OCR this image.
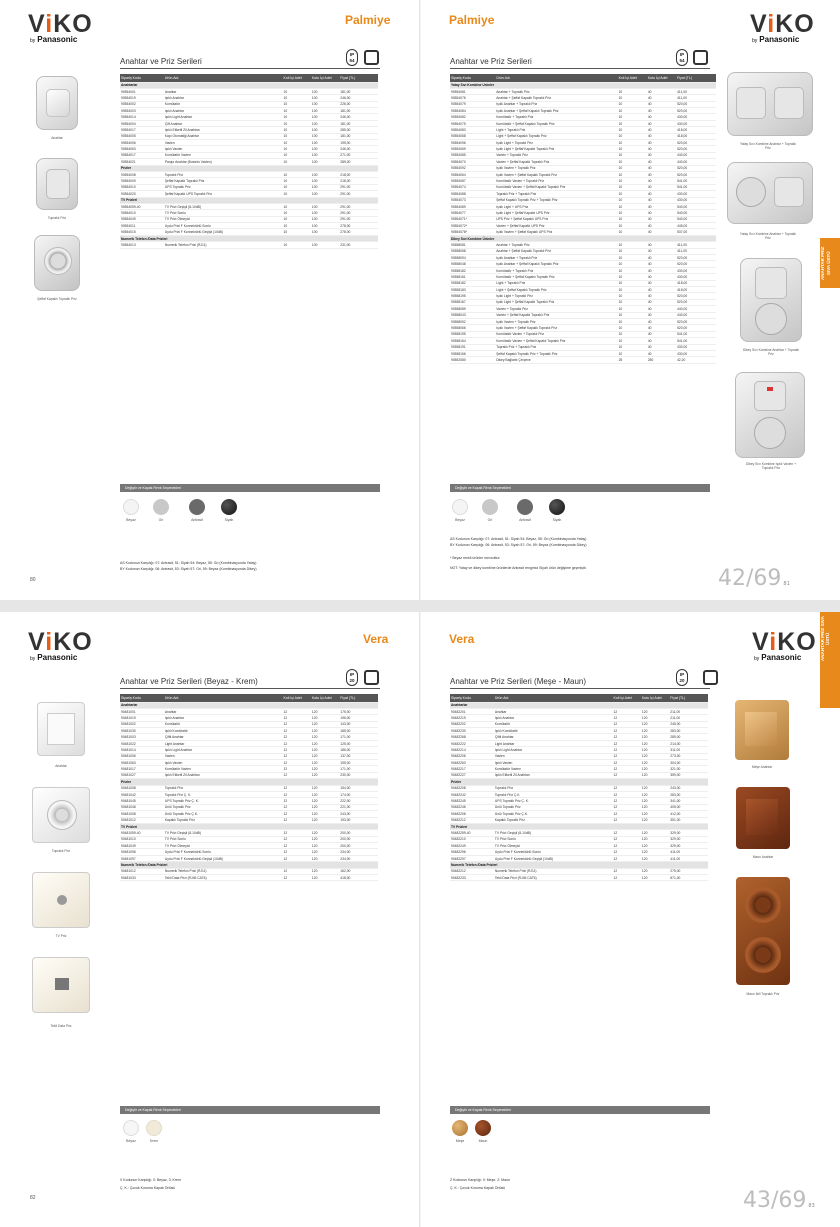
ViKO
by Panasonic
Palmiye
Anahtar ve Priz Serileri
IP
54
Sipariş Kodu	Ürün Adı	Koli İçi Adet	Kutu İçi Adet	Fiyat (TL)
Anahtarlar				
90554001	Anahtar	10	100	181,00
90554019	Işıklı Anahtar	10	100	246,00
90554002	Komütatör	10	100	226,00
90554003	Işıklı Anahtar	10	100	181,00
90554014	Işıklı Light Anahtar	10	100	246,00
90554004	Çift Anahtar	10	100	181,00
90554017	Işıklı Etiketli Zil Anahtarı	10	100	285,00
90554005	Kapı Otomatiği Anahtar	10	100	181,00
90554006	Vavien	10	100	195,00
90554063	Işıklı Vavien	10	100	246,00
90554017	Komütatör Vavien	10	100	271,00
90554021	Panjur Anahtar (Butonlu Vavien)	10	100	289,00
Prizler				
90554008	Topraklı Priz	10	100	218,00
90554009	Şeffaf Kapaklı Topraklı Priz	10	100	218,00
90554010	UPS Topraklı Priz	10	100	291,00
90554020	Şeffaf Kapaklı UPS Topraklı Priz	10	100	291,00
TV Prizleri				
90554059-40	TV Prizi Geçişli (8-10dB)	10	100	291,00
90554010	TV Prizi Sonlu	10	100	291,00
90554049	TV Prizi Ölmeyici	10	100	291,00
90554011	Uydu Prizi F Konnektörlü Sonlu	10	100	278,00
90554015	Uydu Prizi F Konnektörlü Geçişli (10dB)	10	100	278,00
Numerik Telefon /Data Prizleri				
90554013	Numerik Telefon Prizi (RJ11)	10	100	231,00
Anahtar
Topraklı Priz
Şeffaf Kapaklı Topraklı Priz
Değiştir ve Kapak Renk Seçenekleri
Beyaz	Gri	Antrasit	Siyah
AS Kodunun Karşılığı: 07: Antrasit, 51: Siyah 54: Beyaz, 55: Gri (Kombinasyonda Yatay)
BY Kodunun Karşılığı: 06: Antrasit, 53: Siyah 57: Gri, 59: Beyaz (Kombinasyonda Dikey)
80
Palmiye	ViKO
by Panasonic
Anahtar ve Priz Serileri
IP
54
Sipariş Kodu	Ürün Adı	Koli İçi Adet	Kutu İçi Adet	Fiyat (TL)
Yatay Sıvı Kombine Ürünler				
90554081	Anahtar + Topraklı Priz	10	40	411,00
90554076	Anahtar + Şeffaf Kapaklı Topraklı Priz	10	40	411,00
90554079	Işıklı Anahtar + Topraklı Priz	10	40	520,00
90554084	Işıklı Anahtar + Şeffaf Kapaklı Topraklı Priz	10	40	520,00
90554082	Komütatör + Topraklı Priz	10	40	430,00
90554075	Komütatör + Şeffaf Kapaklı Topraklı Priz	10	40	430,00
90554083	Light + Topraklı Priz	10	40	418,00
90554068	Light + Şeffaf Kapaklı Topraklı Priz	10	40	418,00
90554096	Işıklı Light + Topraklı Priz	10	40	520,00
90554069	Işıklı Light + Şeffaf Kapaklı Topraklı Priz	10	40	520,00
90554085	Vavien + Topraklı Priz	10	40	440,00
90554070	Vavien + Şeffaf Kapaklı Topraklı Priz	10	40	440,00
90554092	Işıklı Vavien + Topraklı Priz	10	40	520,00
90554064	Işıklı Vavien + Şeffaf Kapaklı Topraklı Priz	10	40	520,00
90554087	Komütatör Vavien + Topraklı Priz	10	40	541,00
90554074	Komütatör Vavien + Şeffaf Kapaklı Topraklı Priz	10	40	541,00
90554088	Topraklı Priz + Topraklı Priz	10	40	430,00
90554073	Şeffaf Kapaklı Topraklı Priz + Topraklı Priz	10	40	430,00
90554089	Işıklı Light + UPS Priz	10	40	540,00
90554077	Işıklı Light + Şeffaf Kapaklı UPS Priz	10	40	540,00
90554071*	UPS Priz + Şeffaf Kapaklı UPS Priz	10	40	540,00
90554072*	Vavien + Şeffaf Kapaklı UPS Priz	10	40	445,00
90554078*	Işıklı Vavien + Şeffaf Kapaklı UPS Priz	10	40	537,00
Dikey Sıvı Kombine Ürünler				
90558081	Anahtar + Topraklı Priz	10	40	411,00
90558068	Anahtar + Şeffaf Kapaklı Topraklı Priz	10	40	411,00
90558094	Işıklı Anahtar + Topraklı Priz	10	40	520,00
90558048	Işıklı Anahtar + Şeffaf Kapaklı Topraklı Priz	10	40	520,00
90558182	Komütatör + Topraklı Priz	10	40	430,00
90558161	Komütatör + Şeffaf Kapaklı Topraklı Priz	10	40	430,00
90558182	Light + Topraklı Priz	10	40	418,00
90558183	Light + Şeffaf Kapaklı Topraklı Priz	10	40	418,00
90558195	Işıklı Light + Topraklı Priz	10	40	520,00
90558167	Işıklı Light + Şeffaf Kapaklı Topraklı Priz	10	40	520,00
90558089	Vavien + Topraklı Priz	10	40	440,00
90558043	Vavien + Şeffaf Kapaklı Topraklı Priz	10	40	440,00
90558092	Işıklı Vavien + Topraklı Priz	10	40	520,00
90558066	Işıklı Vavien + Şeffaf Kapaklı Topraklı Priz	10	40	520,00
90558195	Komütatör Vavien + Topraklı Priz	10	40	541,00
90558164	Komütatör Vavien + Şeffaf Kapaklı Topraklı Priz	10	40	541,00
90558191	Topraklı Priz + Topraklı Priz	10	40	430,00
90558166	Şeffaf Kapaklı Topraklı Priz + Topraklı Priz	10	40	430,00
90552080	Dikey Bağlantı Çerçeve	25	250	42,20
Yatay Sıvı Kombine Anahtar + Topraklı Priz
Yatay Sıvı Kombine Anahtar + Topraklı Priz
Dikey Sıvı Kombine Anahtar + Topraklı Priz
Dikey Sıvı Kombine Işıklı Vavien + Topraklı Priz
Değiştir ve Kapak Renk Seçenekleri
Beyaz	Gri	Antrasit	Siyah
AS Kodunun Karşılığı: 07: Antrasit, 51: Siyah 54: Beyaz, 55: Gri (Kombinasyonda Yatay)
BY Kodunun Karşılığı: 06: Antrasit, 53: Siyah 57: Gri, 59: Beyaz (Kombinasyonda Dikey)
* Beyaz renkli ürünler mevcuttur.
NOT: Yatay ve dikey kombine ürünlerde Antrasit rengimiz Siyah ürün değişime geçmiştir.	42/69 81
ANAHTAR PRİZ SIVA ÜSTÜ
ViKO
by Panasonic
Vera
Anahtar ve Priz Serileri (Beyaz - Krem)
IP
20
Sipariş Kodu	Ürün Adı	Koli İçi Adet	Kutu İçi Adet	Fiyat (TL)
Anahtarlar				
90481001	Anahtar	12	120	175,00
90481019	Işıklı Anahtar	12	120	196,00
90481002	Komütatör	12	120	143,00
90481030	Işıklı Komütatör	12	120	185,00
90481003	Çiftli Anahtar	12	120	171,00
90481022	Light Anahtar	12	120	125,00
90481014	Işıklı Light Anahtar	12	120	186,00
90481006	Vavien	12	120	137,00
90481063	Işıklı Vavien	12	120	195,00
90481017	Komütatör Vavien	12	120	171,00
90481027	Işıklı Etiketli Zil Anahtarı	12	120	230,00
Prizler				
90481008	Topraklı Priz	12	120	154,00
90481042	Topraklı Priz Ç. K.	12	120	174,00
90481045	UPS Topraklı Priz Ç. K.	12	120	222,00
90481046	Ünlü Topraklı Priz	12	120	221,00
90481008	Ünlü Topraklı Priz Ç.K.	12	120	243,00
90481012	Kapaklı Topraklı Priz	12	120	193,00
TV Prizleri				
90481059-40	TV Prizi Geçişli (8-10dB)	12	120	200,00
90481010	TV Prizi Sonlu	12	120	200,00
90481049	TV Prizi Ölmeyici	12	120	200,00
90481096	Uydu Prizi F Konnektörlü Sonlu	12	120	234,00
90481097	Uydu Prizi F Konnektörlü Geçişli (10dB)	12	120	234,00
Numerik Telefon /Data Prizleri				
90481012	Numerik Telefon Prizi (RJ11)	12	120	162,00
90481033	Tekli Data Prizi (RJ45 CAT6)	12	120	418,00
Anahtar
Topraklı Priz
TV Priz
Tekli Data Priz
Değiştir ve Kapak Renk Seçenekleri
Beyaz	Krem
X Kodunun Karşılığı: 0: Beyaz, 3: Krem
Ç. K.: Çocuk Koruma Kapak Örtüsü
82
Vera	ViKO
by Panasonic
Anahtar ve Priz Serileri (Meşe - Maun)
IP
20
Sipariş Kodu	Ürün Adı	Koli İçi Adet	Kutu İçi Adet	Fiyat (TL)
Anahtarlar				
90482201	Anahtar	12	120	211,00
90482219	Işıklı Anahtar	12	120	211,00
90482202	Komütatör	12	120	245,00
90482230	Işıklı Komütatör	12	120	283,00
90482268	Çiftli Anahtar	12	120	285,00
90482222	Light Anahtar	12	120	214,00
90482214	Işıklı Light Anahtar	12	120	311,00
90482206	Vavien	12	120	273,00
90482263	Işıklı Vavien	12	120	304,00
90482217	Komütatör Vavien	12	120	321,00
90482227	Işıklı Etiketli Zil Anahtarı	12	120	359,00
Prizler				
90482208	Topraklı Priz	12	120	243,00
90482242	Topraklı Priz Ç.K.	12	120	283,00
90482245	UPS Topraklı Priz Ç. K.	12	120	341,00
90482246	Ünlü Topraklı Priz	12	120	405,00
90482208	Ünlü Topraklı Priz Ç.K.	12	120	412,00
90482212	Kapaklı Topraklı Priz	12	120	351,00
TV Prizleri				
90482259-40	TV Prizi Geçişli (8-10dB)	12	120	329,00
90482210	TV Prizi Sonlu	12	120	329,00
90482249	TV Prizi Ölmeyici	12	120	329,00
90482296	Uydu Prizi F Konnektörlü Sonlu	12	120	411,00
90482297	Uydu Prizi F Konnektörlü Geçişli (10dB)	12	120	411,00
Numerik Telefon /Data Prizleri				
90482212	Numerik Telefon Prizi (RJ11)	12	120	275,00
90482233	Tekli Data Prizi (RJ45 CAT6)	12	120	871,00
Meşe Anahtar
Maun Anahtar
Maun İkili Topraklı Priz
Değiştir ve Kapak Renk Seçenekleri
Meşe	Maun
Z Kodunun Karşılığı: 0: Meşe, 2: Maun
Ç. K.: Çocuk Koruma Kapak Örtüsü	43/69 83
ANAHTAR PRİZ SIVA ÜSTÜ
